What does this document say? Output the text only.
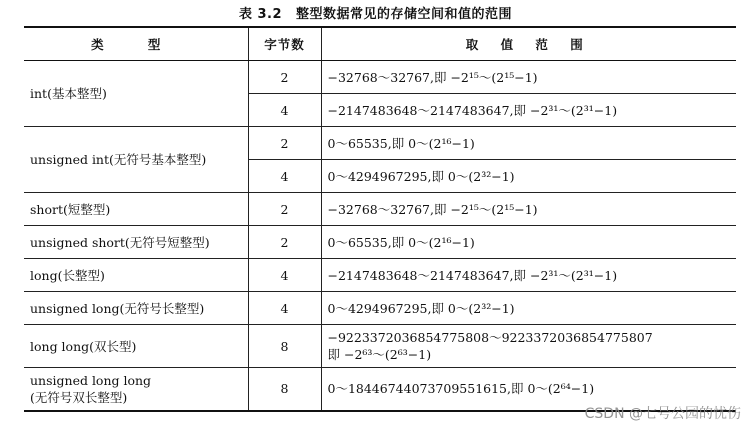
表 3.2 整型数据常见的存储空间和值的范围
类 型	字节数	取 值 范 围
int(基本整型)	2	−32768～32767,即 −2¹⁵～(2¹⁵−1)
	4	−2147483648～2147483647,即 −2³¹～(2³¹−1)
unsigned int(无符号基本整型)	2	0～65535,即 0～(2¹⁶−1)
	4	0～4294967295,即 0～(2³²−1)
short(短整型)	2	−32768～32767,即 −2¹⁵～(2¹⁵−1)
unsigned short(无符号短整型)	2	0～65535,即 0～(2¹⁶−1)
long(长整型)	4	−2147483648～2147483647,即 −2³¹～(2³¹−1)
unsigned long(无符号长整型)	4	0～4294967295,即 0～(2³²−1)
long long(双长型)	8	−9223372036854775808～9223372036854775807
即 −2⁶³～(2⁶³−1)

unsigned long long
(无符号双长整型)	8	0～18446744073709551615,即 0～(2⁶⁴−1)
CSDN @七号公园的忧伤
